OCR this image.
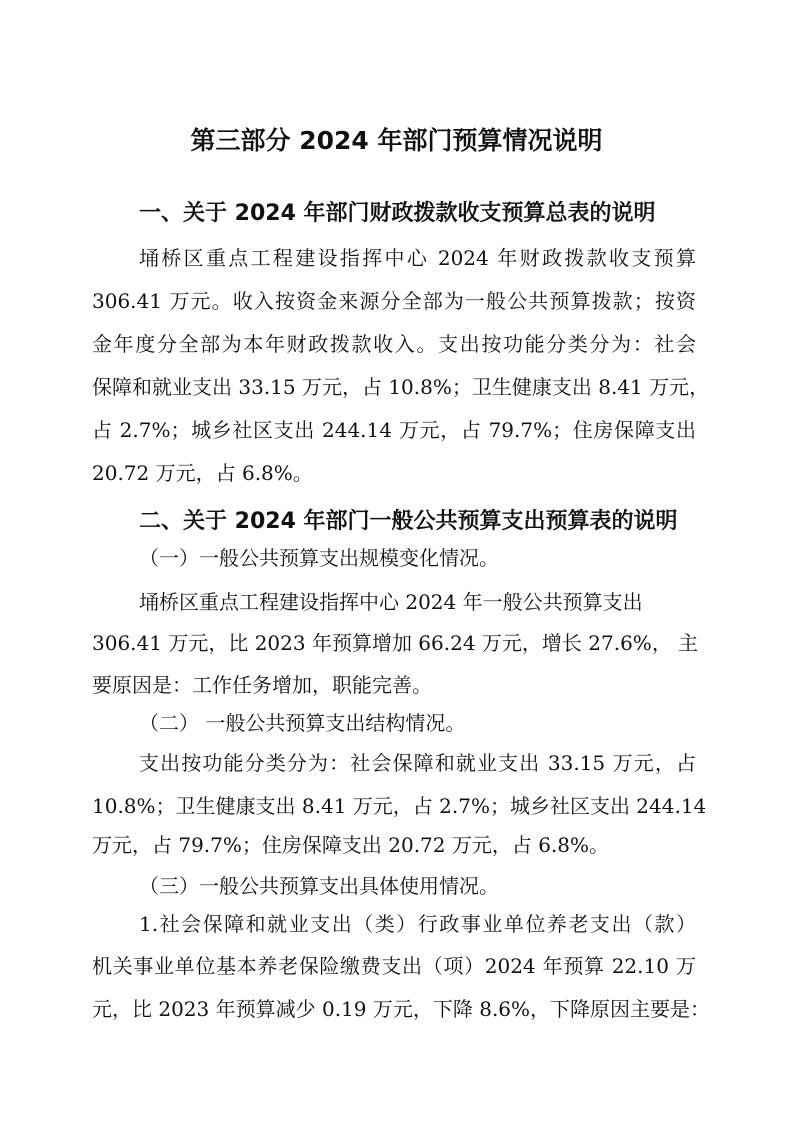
第三部分 2024 年部门预算情况说明
一、关于 2024 年部门财政拨款收支预算总表的说明
埇桥区重点工程建设指挥中心 2024 年财政拨款收支预算
306.41 万元。收入按资金来源分全部为一般公共预算拨款；按资
金年度分全部为本年财政拨款收入。支出按功能分类分为：社会
保障和就业支出 33.15 万元，占 10.8%；卫生健康支出 8.41 万元，
占 2.7%；城乡社区支出 244.14 万元，占 79.7%；住房保障支出
20.72 万元，占 6.8%。
二、关于 2024 年部门一般公共预算支出预算表的说明
（一）一般公共预算支出规模变化情况。
埇桥区重点工程建设指挥中心 2024 年一般公共预算支出
306.41 万元，比 2023 年预算增加 66.24 万元，增长 27.6%， 主
要原因是：工作任务增加，职能完善。
（二） 一般公共预算支出结构情况。
支出按功能分类分为：社会保障和就业支出 33.15 万元，占
10.8%；卫生健康支出 8.41 万元，占 2.7%；城乡社区支出 244.14
万元，占 79.7%；住房保障支出 20.72 万元，占 6.8%。
（三）一般公共预算支出具体使用情况。
1.社会保障和就业支出（类）行政事业单位养老支出（款）
机关事业单位基本养老保险缴费支出（项）2024 年预算 22.10 万
元，比 2023 年预算减少 0.19 万元，下降 8.6%，下降原因主要是：
